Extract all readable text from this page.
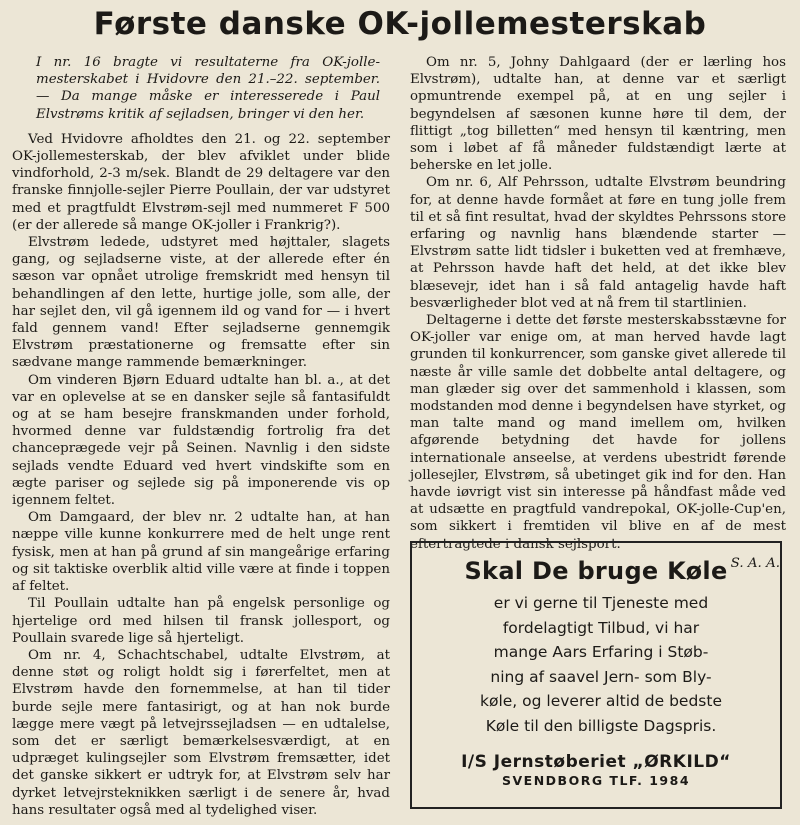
Første danske OK-jollemesterskab
I nr. 16 bragte vi resultaterne fra OK-jolle-mesterskabet i Hvidovre den 21.–22. september. — Da mange måske er interesserede i Paul Elvstrøms kritik af sejladsen, bringer vi den her.

Ved Hvidovre afholdtes den 21. og 22. september OK-jollemesterskab, der blev afviklet under blide vindforhold, 2-3 m/sek. Blandt de 29 deltagere var den franske finnjolle-sejler Pierre Poullain, der var udstyret med et pragtfuldt Elvstrøm-sejl med nummeret F 500 (er der allerede så mange OK-joller i Frankrig?).

Elvstrøm ledede, udstyret med højttaler, slagets gang, og sejladserne viste, at der allerede efter én sæson var opnået utrolige fremskridt med hensyn til behandlingen af den lette, hurtige jolle, som alle, der har sejlet den, vil gå igennem ild og vand for — i hvert fald gennem vand! Efter sejladserne gennemgik Elvstrøm præstationerne og fremsatte efter sin sædvane mange rammende bemærkninger.

Om vinderen Bjørn Eduard udtalte han bl. a., at det var en oplevelse at se en dansker sejle så fantasifuldt og at se ham besejre franskmanden under forhold, hvormed denne var fuldstændig fortrolig fra det chanceprægede vejr på Seinen. Navnlig i den sidste sejlads vendte Eduard ved hvert vindskifte som en ægte pariser og sejlede sig på imponerende vis op igennem feltet.

Om Damgaard, der blev nr. 2 udtalte han, at han næppe ville kunne konkurrere med de helt unge rent fysisk, men at han på grund af sin mangeårige erfaring og sit taktiske overblik altid ville være at finde i toppen af feltet.

Til Poullain udtalte han på engelsk personlige og hjertelige ord med hilsen til fransk jollesport, og Poullain svarede lige så hjerteligt.

Om nr. 4, Schachtschabel, udtalte Elvstrøm, at denne støt og roligt holdt sig i førerfeltet, men at Elvstrøm havde den fornemmelse, at han til tider burde sejle mere fantasirigt, og at han nok burde lægge mere vægt på letvejrssejladsen — en udtalelse, som det er særligt bemærkelsesværdigt, at en udpræget kulingsejler som Elvstrøm fremsætter, idet det ganske sikkert er udtryk for, at Elvstrøm selv har dyrket letvejrsteknikken særligt i de senere år, hvad hans resultater også med al tydelighed viser.

Om nr. 5, Johny Dahlgaard (der er lærling hos Elvstrøm), udtalte han, at denne var et særligt opmuntrende exempel på, at en ung sejler i begyndelsen af sæsonen kunne høre til dem, der flittigt „tog billetten“ med hensyn til kæntring, men som i løbet af få måneder fuldstændigt lærte at beherske en let jolle.

Om nr. 6, Alf Pehrsson, udtalte Elvstrøm beundring for, at denne havde formået at føre en tung jolle frem til et så fint resultat, hvad der skyldtes Pehrssons store erfaring og navnlig hans blændende starter — Elvstrøm satte lidt tidsler i buketten ved at fremhæve, at Pehrsson havde haft det held, at det ikke blev blæsevejr, idet han i så fald antagelig havde haft besværligheder blot ved at nå frem til startlinien.

Deltagerne i dette det første mesterskabsstævne for OK-joller var enige om, at man herved havde lagt grunden til konkurrencer, som ganske givet allerede til næste år ville samle det dobbelte antal deltagere, og man glæder sig over det sammenhold i klassen, som modstanden mod denne i begyndelsen have styrket, og man talte mand og mand imellem om, hvilken afgørende betydning det havde for jollens internationale anseelse, at verdens ubestridt førende jollesejler, Elvstrøm, så ubetinget gik ind for den. Han havde iøvrigt vist sin interesse på håndfast måde ved at udsætte en pragtfuld vandrepokal, OK-jolle-Cup'en, som sikkert i fremtiden vil blive en af de mest eftertragtede i dansk sejlsport.

S. A. A.
Skal De bruge Køle
er vi gerne til Tjeneste med
fordelagtigt Tilbud, vi har
mange Aars Erfaring i Støb-
ning af saavel Jern- som Bly-
køle, og leverer altid de bedste
Køle til den billigste Dagspris.
I/S Jernstøberiet „ØRKILD“
SVENDBORG TLF. 1984
